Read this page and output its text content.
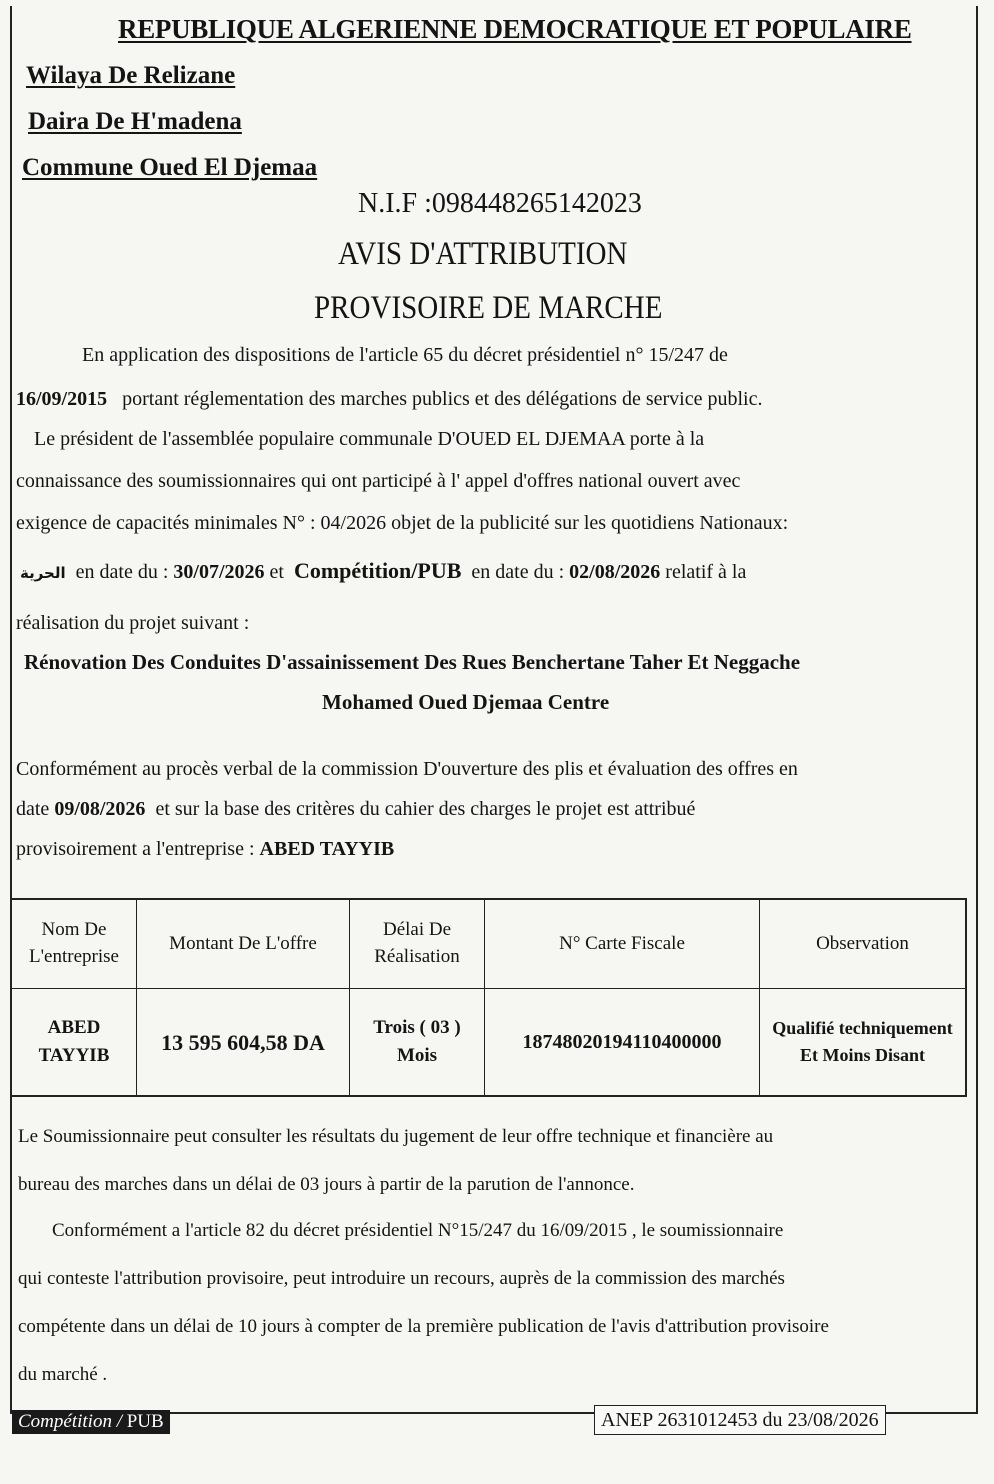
REPUBLIQUE ALGERIENNE DEMOCRATIQUE ET POPULAIRE
Wilaya De Relizane
Daira De H'madena
Commune Oued El Djemaa
N.I.F :098448265142023
AVIS D'ATTRIBUTION
PROVISOIRE DE MARCHE
En application des dispositions de l'article 65 du décret présidentiel n° 15/247 de
16/09/2015 portant réglementation des marches publics et des délégations de service public.
Le président de l'assemblée populaire communale D'OUED EL DJEMAA porte à la
connaissance des soumissionnaires qui ont participé à l' appel d'offres national ouvert avec
exigence de capacités minimales N° : 04/2026 objet de la publicité sur les quotidiens Nationaux:
الحرية en date du : 30/07/2026 et Compétition/PUB en date du : 02/08/2026 relatif à la
réalisation du projet suivant :
Rénovation Des Conduites D'assainissement Des Rues Benchertane Taher Et Neggache
Mohamed Oued Djemaa Centre
Conformément au procès verbal de la commission D'ouverture des plis et évaluation des offres en
date 09/08/2026 et sur la base des critères du cahier des charges le projet est attribué
provisoirement a l'entreprise : ABED TAYYIB
Nom De L'entreprise	Montant De L'offre	Délai De Réalisation	N° Carte Fiscale	Observation
ABED TAYYIB	13 595 604,58 DA	Trois ( 03 ) Mois	18748020194110400000	Qualifié techniquement Et Moins Disant
Le Soumissionnaire peut consulter les résultats du jugement de leur offre technique et financière au
bureau des marches dans un délai de 03 jours à partir de la parution de l'annonce.
Conformément a l'article 82 du décret présidentiel N°15/247 du 16/09/2015 , le soumissionnaire
qui conteste l'attribution provisoire, peut introduire un recours, auprès de la commission des marchés
compétente dans un délai de 10 jours à compter de la première publication de l'avis d'attribution provisoire
du marché .
Compétition / PUB	ANEP 2631012453 du 23/08/2026
